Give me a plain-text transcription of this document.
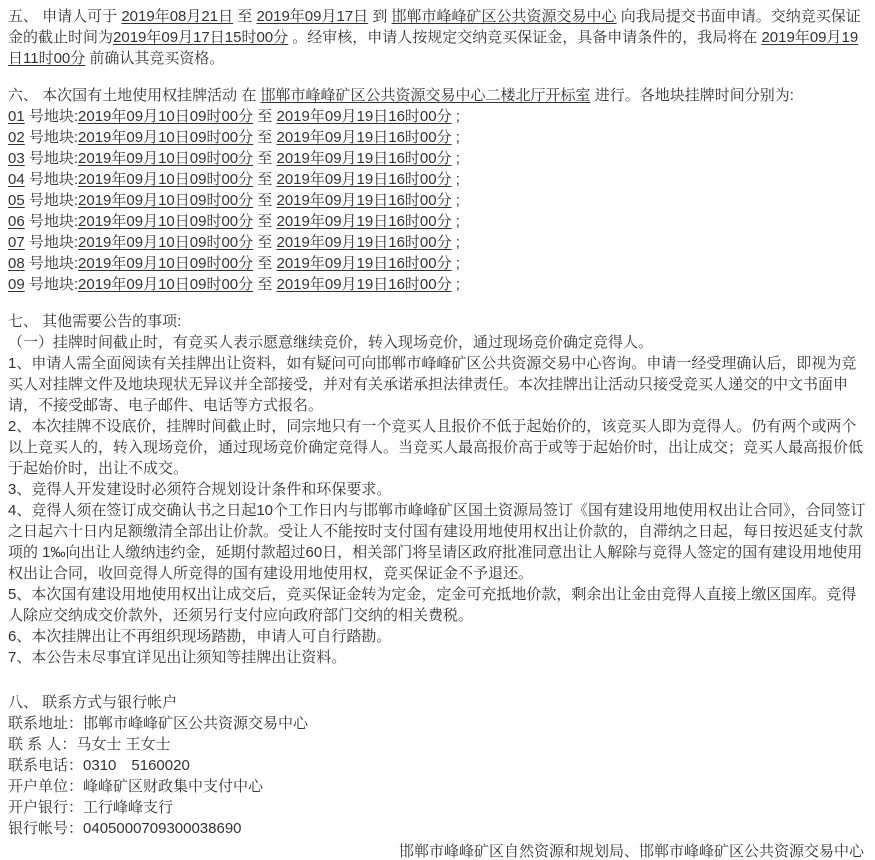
五、 申请人可于 2019年08月21日 至 2019年09月17日 到 邯郸市峰峰矿区公共资源交易中心 向我局提交书面申请。交纳竞买保证金的截止时间为2019年09月17日15时00分 。经审核，申请人按规定交纳竞买保证金，具备申请条件的，我局将在 2019年09月19日11时00分 前确认其竞买资格。

六、 本次国有土地使用权挂牌活动 在 邯郸市峰峰矿区公共资源交易中心二楼北厅开标室 进行。各地块挂牌时间分别为:

01 号地块:2019年09月10日09时00分 至 2019年09月19日16时00分 ;

02 号地块:2019年09月10日09时00分 至 2019年09月19日16时00分 ;

03 号地块:2019年09月10日09时00分 至 2019年09月19日16时00分 ;

04 号地块:2019年09月10日09时00分 至 2019年09月19日16时00分 ;

05 号地块:2019年09月10日09时00分 至 2019年09月19日16时00分 ;

06 号地块:2019年09月10日09时00分 至 2019年09月19日16时00分 ;

07 号地块:2019年09月10日09时00分 至 2019年09月19日16时00分 ;

08 号地块:2019年09月10日09时00分 至 2019年09月19日16时00分 ;

09 号地块:2019年09月10日09时00分 至 2019年09月19日16时00分 ;

七、 其他需要公告的事项:

（一）挂牌时间截止时，有竞买人表示愿意继续竞价，转入现场竞价，通过现场竞价确定竞得人。

1、申请人需全面阅读有关挂牌出让资料，如有疑问可向邯郸市峰峰矿区公共资源交易中心咨询。申请一经受理确认后，即视为竞买人对挂牌文件及地块现状无异议并全部接受，并对有关承诺承担法律责任。本次挂牌出让活动只接受竞买人递交的中文书面申请，不接受邮寄、电子邮件、电话等方式报名。

2、本次挂牌不设底价，挂牌时间截止时，同宗地只有一个竞买人且报价不低于起始价的，该竞买人即为竞得人。仍有两个或两个以上竞买人的，转入现场竞价，通过现场竞价确定竞得人。当竞买人最高报价高于或等于起始价时，出让成交；竞买人最高报价低于起始价时，出让不成交。

3、竞得人开发建设时必须符合规划设计条件和环保要求。

4、竞得人须在签订成交确认书之日起10个工作日内与邯郸市峰峰矿区国土资源局签订《国有建设用地使用权出让合同》，合同签订之日起六十日内足额缴清全部出让价款。受让人不能按时支付国有建设用地使用权出让价款的，自滞纳之日起，每日按迟延支付款项的 1‰向出让人缴纳违约金，延期付款超过60日，相关部门将呈请区政府批准同意出让人解除与竞得人签定的国有建设用地使用权出让合同，收回竞得人所竞得的国有建设用地使用权，竞买保证金不予退还。

5、本次国有建设用地使用权出让成交后，竞买保证金转为定金，定金可充抵地价款，剩余出让金由竞得人直接上缴区国库。竞得人除应交纳成交价款外，还须另行支付应向政府部门交纳的相关费税。

6、本次挂牌出让不再组织现场踏勘，申请人可自行踏勘。

7、本公告未尽事宜详见出让须知等挂牌出让资料。

八、 联系方式与银行帐户

联系地址：邯郸市峰峰矿区公共资源交易中心

联 系 人：马女士 王女士

联系电话：0310　5160020

开户单位：峰峰矿区财政集中支付中心

开户银行：工行峰峰支行

银行帐号：0405000709300038690

邯郸市峰峰矿区自然资源和规划局、邯郸市峰峰矿区公共资源交易中心
